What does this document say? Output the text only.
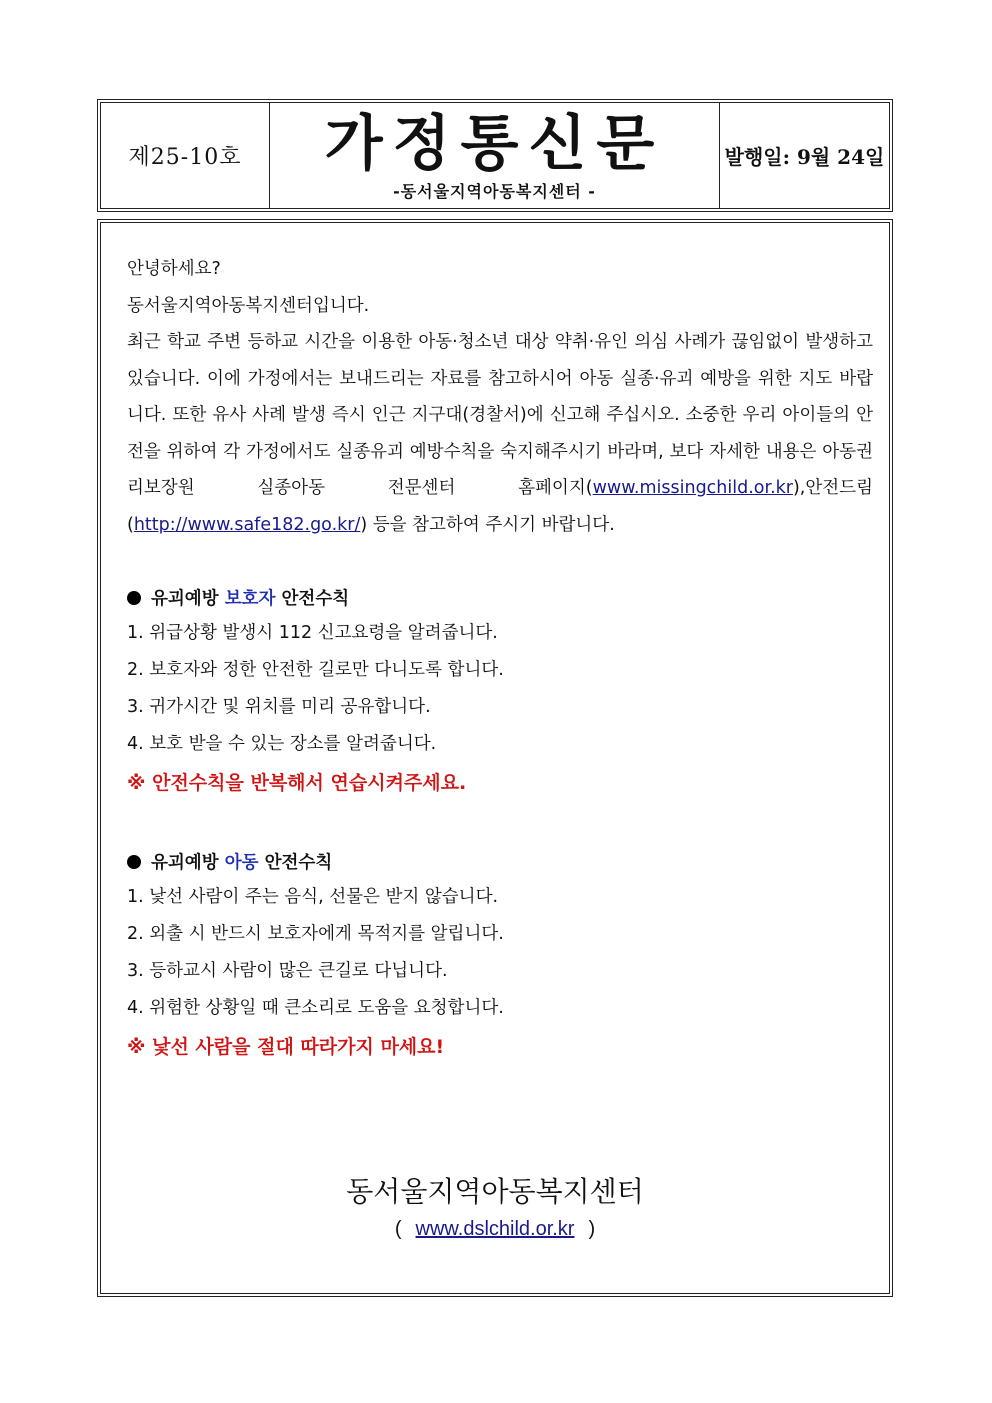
제25-10호	가정통신문
-동서울지역아동복지센터 -
발행일: 9월 24일

안녕하세요?

동서울지역아동복지센터입니다.

최근 학교 주변 등하교 시간을 이용한 아동·청소년 대상 약취·유인 의심 사례가 끊임없이 발생하고 있습니다. 이에 가정에서는 보내드리는 자료를 참고하시어 아동 실종·유괴 예방을 위한 지도 바랍니다. 또한 유사 사례 발생 즉시 인근 지구대(경찰서)에 신고해 주십시오. 소중한 우리 아이들의 안전을 위하여 각 가정에서도 실종유괴 예방수칙을 숙지해주시기 바라며, 보다 자세한 내용은 아동권리보장원 실종아동 전문센터 홈페이지(www.missingchild.or.kr),안전드림(http://www.safe182.go.kr/) 등을 참고하여 주시기 바랍니다.

유괴예방 보호자 안전수칙
1. 위급상황 발생시 112 신고요령을 알려줍니다.
2. 보호자와 정한 안전한 길로만 다니도록 합니다.
3. 귀가시간 및 위치를 미리 공유합니다.
4. 보호 받을 수 있는 장소를 알려줍니다.
※ 안전수칙을 반복해서 연습시켜주세요.
유괴예방 아동 안전수칙
1. 낯선 사람이 주는 음식, 선물은 받지 않습니다.
2. 외출 시 반드시 보호자에게 목적지를 알립니다.
3. 등하교시 사람이 많은 큰길로 다닙니다.
4. 위험한 상황일 때 큰소리로 도움을 요청합니다.
※ 낯선 사람을 절대 따라가지 마세요!
동서울지역아동복지센터
( www.dslchild.or.kr )
